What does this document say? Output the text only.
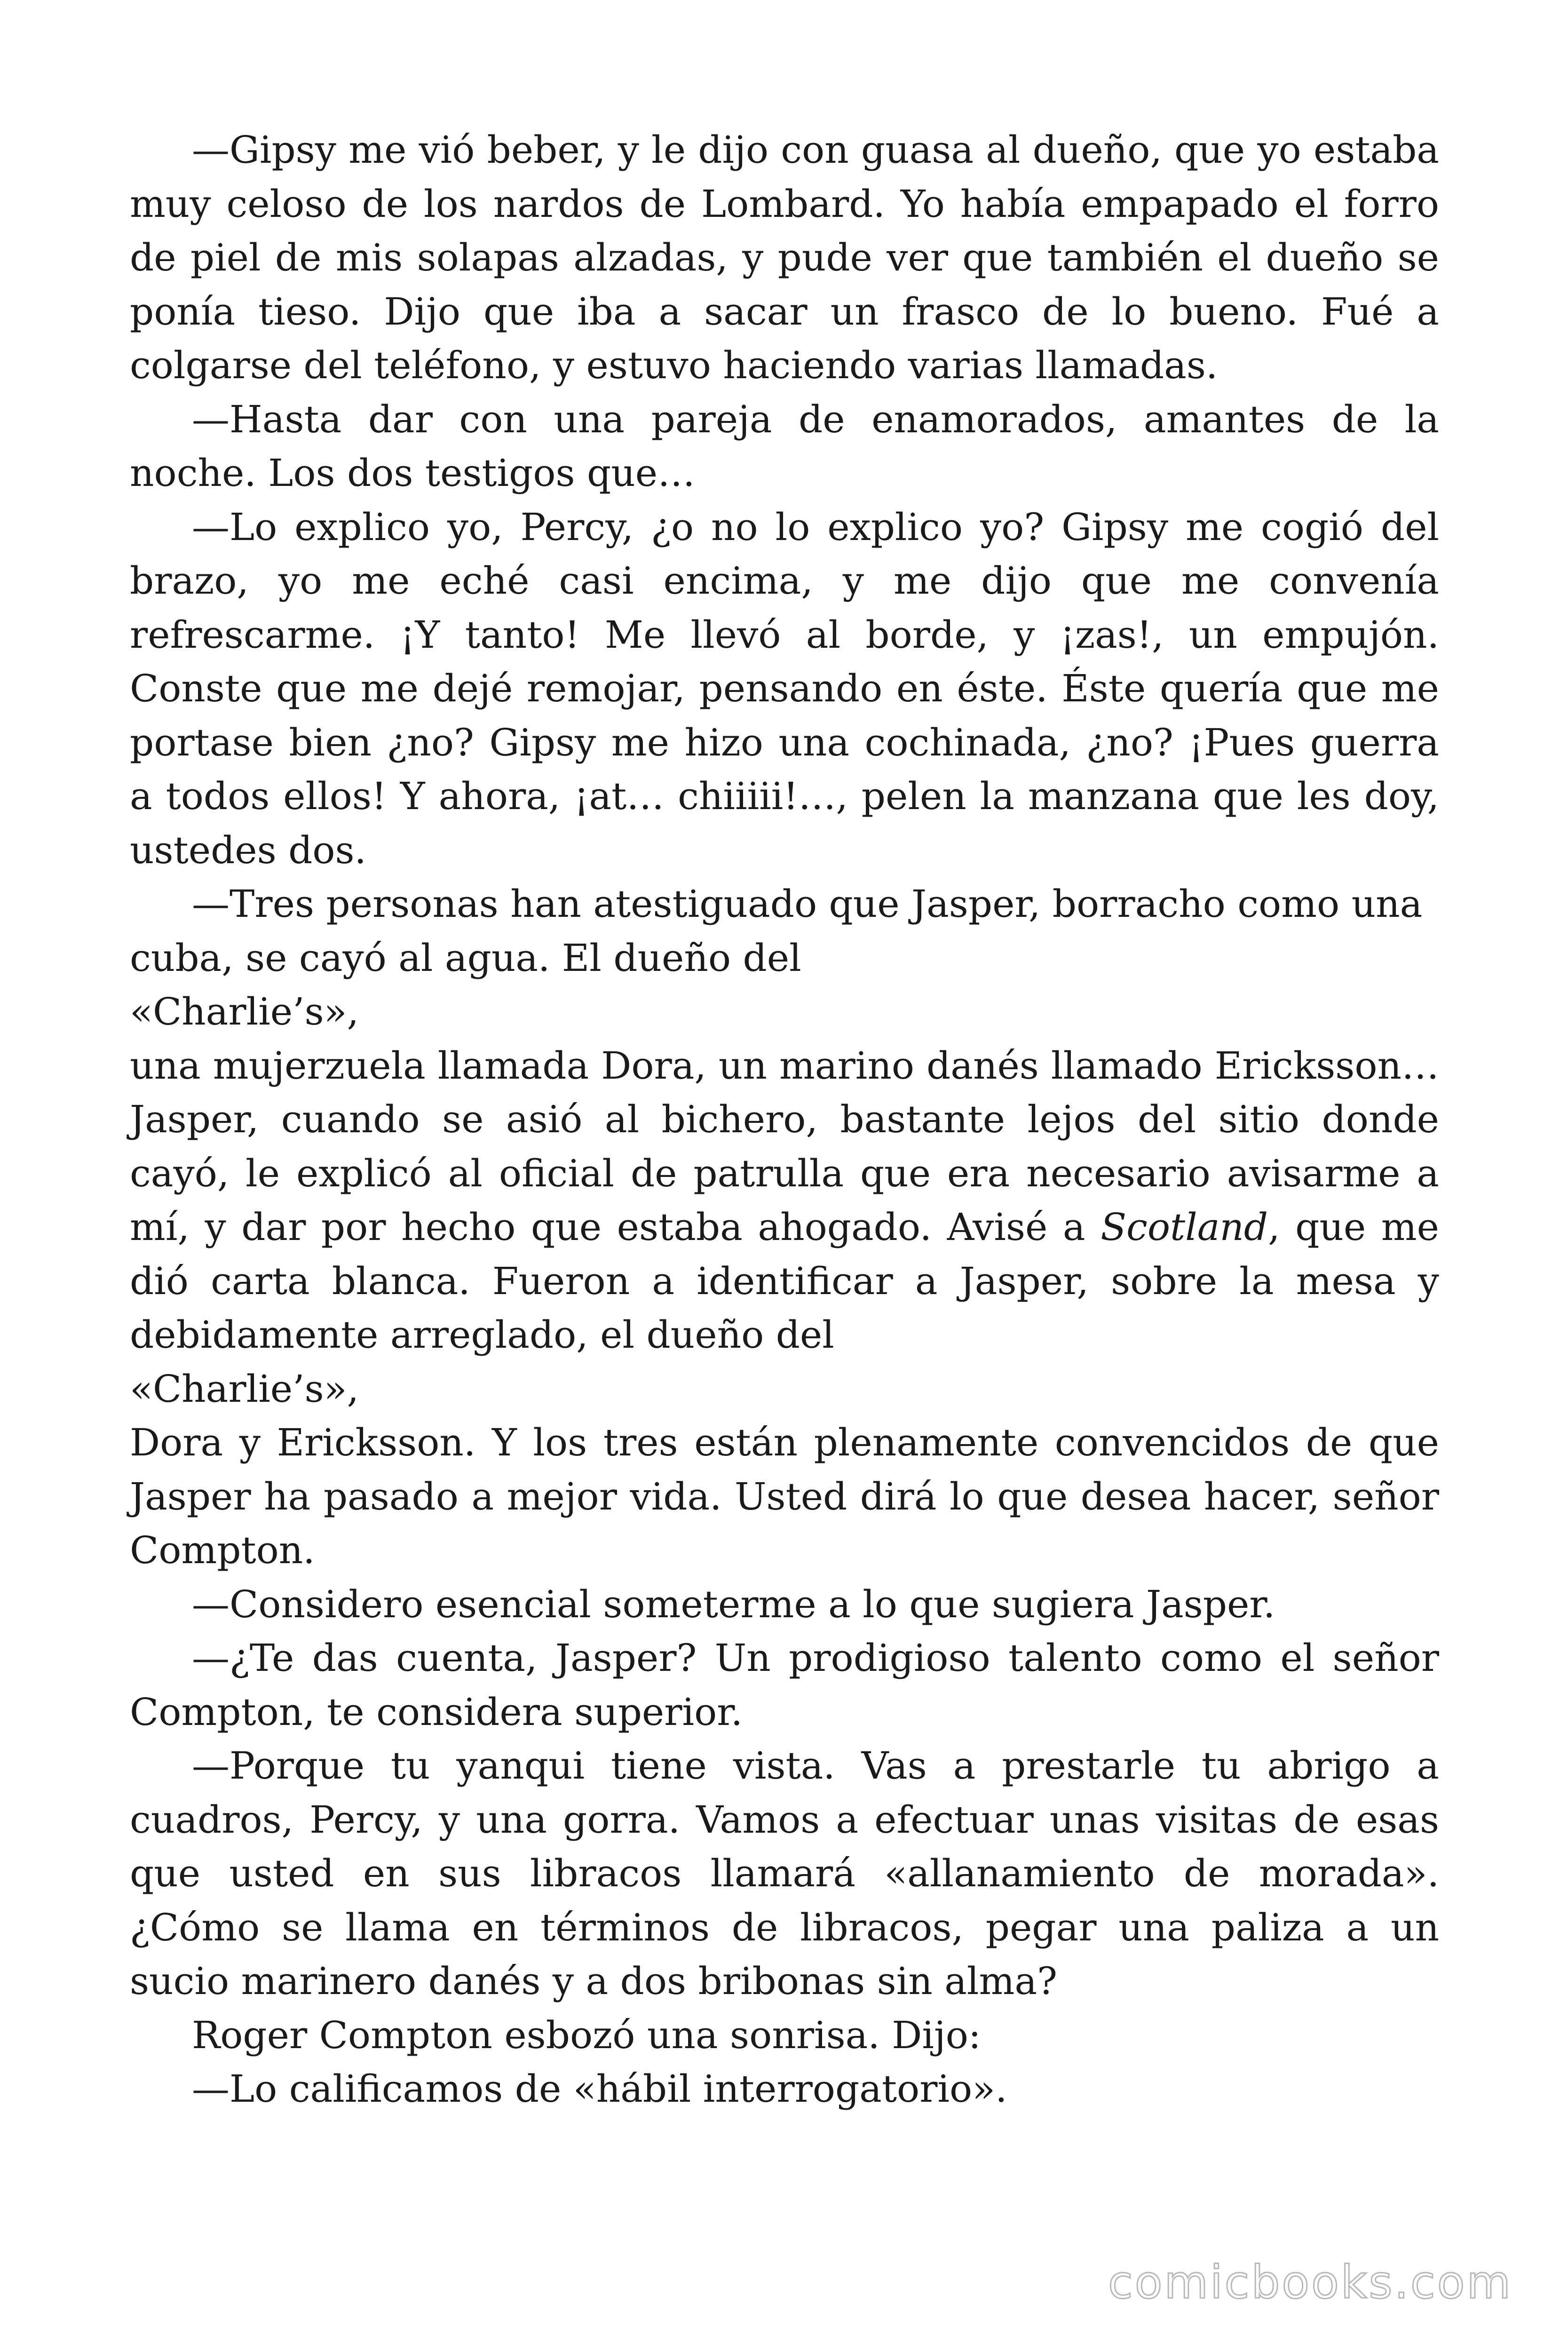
—Gipsy me vió beber, y le dijo con guasa al dueño, que yo estaba muy celoso de los nardos de Lombard. Yo había empapado el forro de piel de mis solapas alzadas, y pude ver que también el dueño se ponía tieso. Dijo que iba a sacar un frasco de lo bueno. Fué a colgarse del teléfono, y estuvo haciendo varias llamadas.

—Hasta dar con una pareja de enamorados, amantes de la noche. Los dos testigos que…

—Lo explico yo, Percy, ¿o no lo explico yo? Gipsy me cogió del brazo, yo me eché casi encima, y me dijo que me convenía refrescarme. ¡Y tanto! Me llevó al borde, y ¡zas!, un empujón. Conste que me dejé remojar, pensando en éste. Éste quería que me portase bien ¿no? Gipsy me hizo una cochinada, ¿no? ¡Pues guerra a todos ellos! Y ahora, ¡at… chiiiii!…, pelen la manzana que les doy, ustedes dos.

—Tres personas han atestiguado que Jasper, borracho como una cuba, se cayó al agua. El dueño del

«Charlie’s»,

una mujerzuela llamada Dora, un marino danés llamado Ericksson… Jasper, cuando se asió al bichero, bastante lejos del sitio donde cayó, le explicó al oficial de patrulla que era necesario avisarme a mí, y dar por hecho que estaba ahogado. Avisé a Scotland, que me dió carta blanca. Fueron a identificar a Jasper, sobre la mesa y debidamente arreglado, el dueño del

«Charlie’s»,

Dora y Ericksson. Y los tres están plenamente convencidos de que Jasper ha pasado a mejor vida. Usted dirá lo que desea hacer, señor Compton.

—Considero esencial someterme a lo que sugiera Jasper.

—¿Te das cuenta, Jasper? Un prodigioso talento como el señor Compton, te considera superior.

—Porque tu yanqui tiene vista. Vas a prestarle tu abrigo a cuadros, Percy, y una gorra. Vamos a efectuar unas visitas de esas que usted en sus libracos llamará «allanamiento de morada». ¿Cómo se llama en términos de libracos, pegar una paliza a un sucio marinero danés y a dos bribonas sin alma?

Roger Compton esbozó una sonrisa. Dijo:

—Lo calificamos de «hábil interrogatorio».

comicbooks.com
